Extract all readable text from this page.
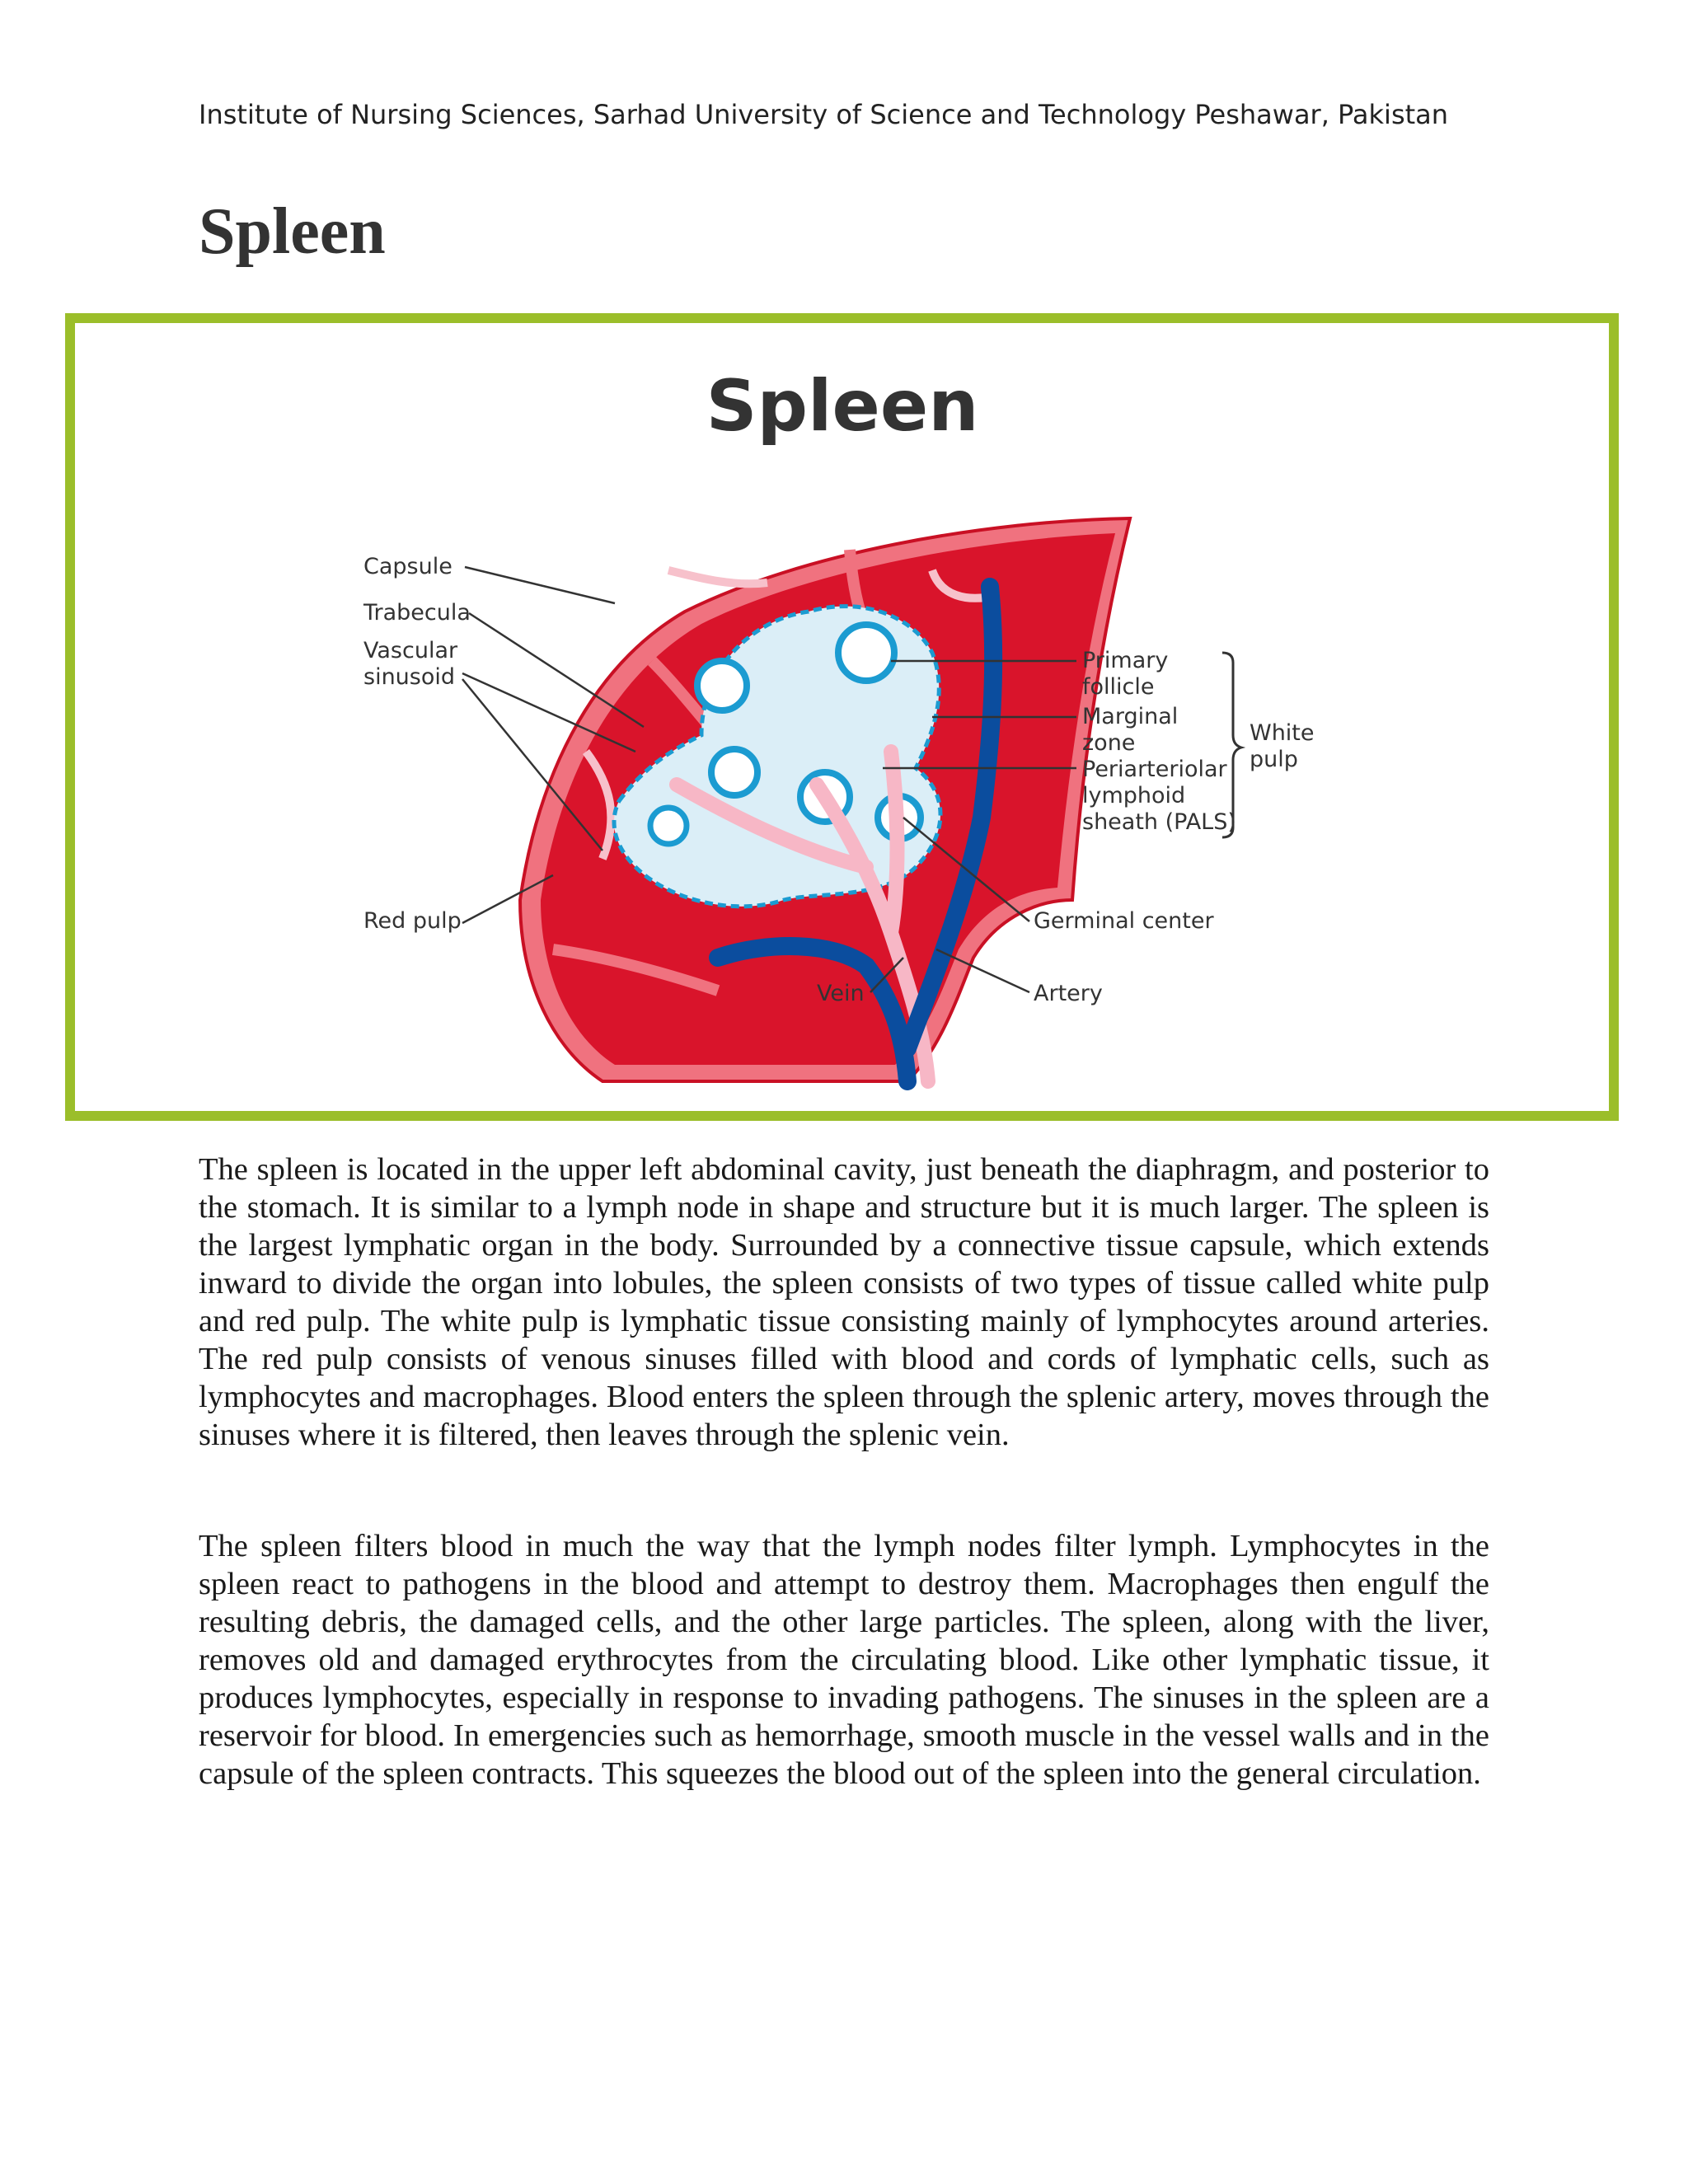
Institute of Nursing Sciences, Sarhad University of Science and Technology Peshawar, Pakistan
Spleen
Spleen
Capsule
Trabecula
Vascular
sinusoid
Red pulp
Primary
follicle
Marginal
zone
Periarteriolar
lymphoid
sheath (PALS)
White
pulp
Germinal center
Vein	Artery

The spleen is located in the upper left abdominal cavity, just beneath the diaphragm, and posterior to the stomach. It is similar to a lymph node in shape and structure but it is much larger. The spleen is the largest lymphatic organ in the body. Surrounded by a connective tissue capsule, which extends inward to divide the organ into lobules, the spleen consists of two types of tissue called white pulp and red pulp. The white pulp is lymphatic tissue consisting mainly of lymphocytes around arteries. The red pulp consists of venous sinuses filled with blood and cords of lymphatic cells, such as lymphocytes and macrophages. Blood enters the spleen through the splenic artery, moves through the sinuses where it is filtered, then leaves through the splenic vein.

The spleen filters blood in much the way that the lymph nodes filter lymph. Lymphocytes in the spleen react to pathogens in the blood and attempt to destroy them. Macrophages then engulf the resulting debris, the damaged cells, and the other large particles. The spleen, along with the liver, removes old and damaged erythrocytes from the circulating blood. Like other lymphatic tissue, it produces lymphocytes, especially in response to invading pathogens. The sinuses in the spleen are a reservoir for blood. In emergencies such as hemorrhage, smooth muscle in the vessel walls and in the capsule of the spleen contracts. This squeezes the blood out of the spleen into the general circulation.
